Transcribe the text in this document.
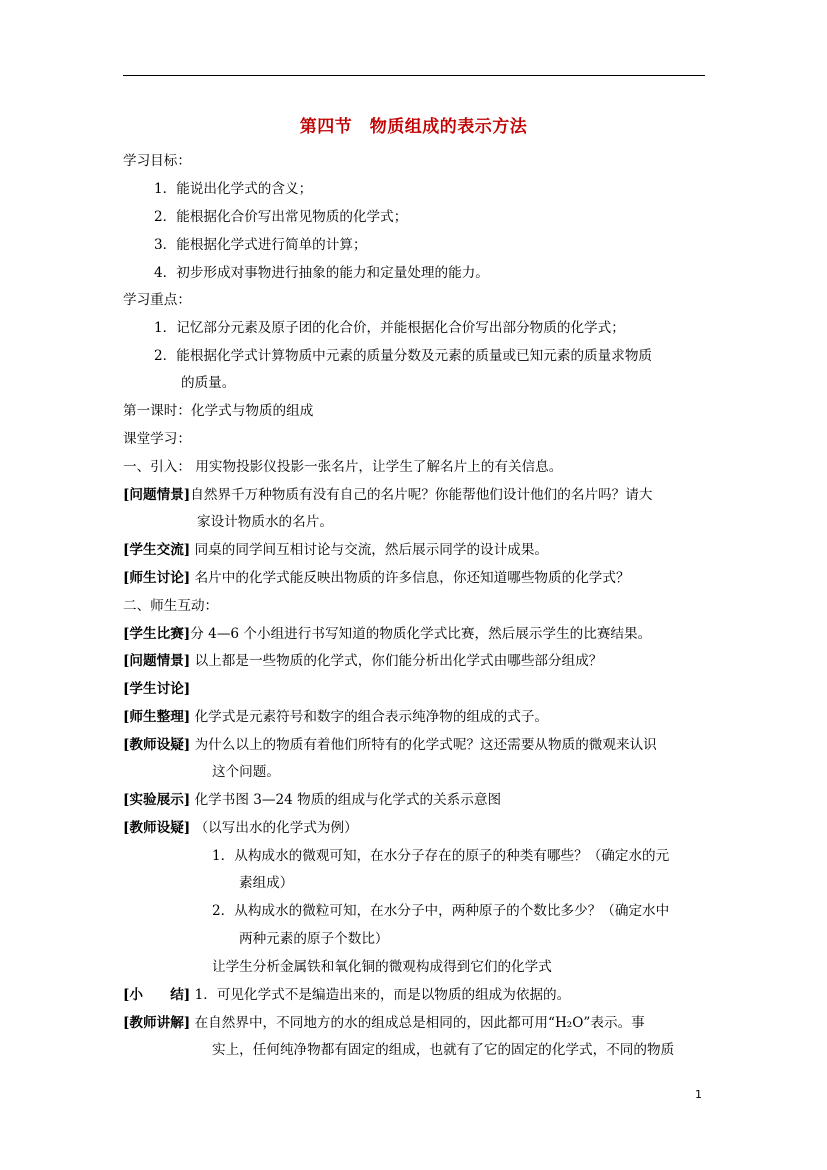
第四节　物质组成的表示方法
学习目标：
1．能说出化学式的含义；
2．能根据化合价写出常见物质的化学式；
3．能根据化学式进行简单的计算；
4．初步形成对事物进行抽象的能力和定量处理的能力。
学习重点：
1．记忆部分元素及原子团的化合价，并能根据化合价写出部分物质的化学式；
2．能根据化学式计算物质中元素的质量分数及元素的质量或已知元素的质量求物质
的质量。
第一课时：化学式与物质的组成
课堂学习：
一、引入： 用实物投影仪投影一张名片，让学生了解名片上的有关信息。
[问题情景]自然界千万种物质有没有自己的名片呢？你能帮他们设计他们的名片吗？请大
家设计物质水的名片。
[学生交流] 同桌的同学间互相讨论与交流，然后展示同学的设计成果。
[师生讨论] 名片中的化学式能反映出物质的许多信息，你还知道哪些物质的化学式？
二、师生互动：
[学生比赛]分 4—6 个小组进行书写知道的物质化学式比赛，然后展示学生的比赛结果。
[问题情景] 以上都是一些物质的化学式，你们能分析出化学式由哪些部分组成？
[学生讨论]
[师生整理] 化学式是元素符号和数字的组合表示纯净物的组成的式子。
[教师设疑] 为什么以上的物质有着他们所特有的化学式呢？这还需要从物质的微观来认识
这个问题。
[实验展示] 化学书图 3—24 物质的组成与化学式的关系示意图
[教师设疑] （以写出水的化学式为例）
1．从构成水的微观可知，在水分子存在的原子的种类有哪些？（确定水的元
素组成）
2．从构成水的微粒可知，在水分子中，两种原子的个数比多少？（确定水中
两种元素的原子个数比）
让学生分析金属铁和氧化铜的微观构成得到它们的化学式
[小　　结] 1．可见化学式不是编造出来的，而是以物质的组成为依据的。
[教师讲解] 在自然界中，不同地方的水的组成总是相同的，因此都可用“H₂O”表示。事
实上，任何纯净物都有固定的组成，也就有了它的固定的化学式，不同的物质
1
